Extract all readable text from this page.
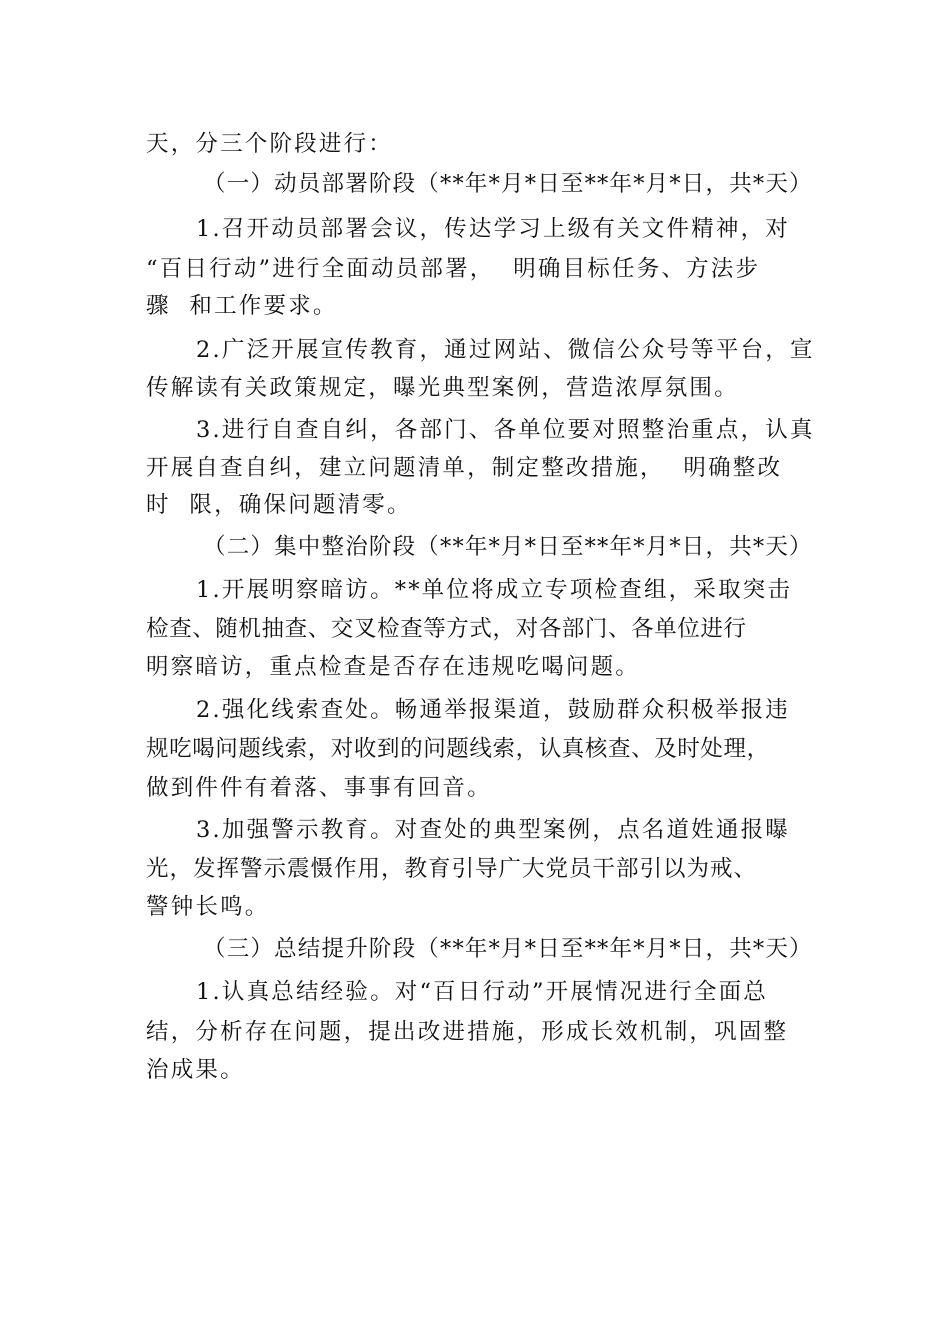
天，分三个阶段进行：
（一）动员部署阶段（**年*月*日至**年*月*日，共*天）
1.召开动员部署会议，传达学习上级有关文件精神，对
“百日行动”进行全面动员部署，  明确目标任务、方法步
骤  和工作要求。
2.广泛开展宣传教育，通过网站、微信公众号等平台，宣
传解读有关政策规定，曝光典型案例，营造浓厚氛围。
3.进行自查自纠，各部门、各单位要对照整治重点，认真
开展自查自纠，建立问题清单，制定整改措施，  明确整改
时  限，确保问题清零。
（二）集中整治阶段（**年*月*日至**年*月*日，共*天）
1.开展明察暗访。**单位将成立专项检查组，采取突击
检查、随机抽查、交叉检查等方式，对各部门、各单位进行
明察暗访，重点检查是否存在违规吃喝问题。
2.强化线索查处。畅通举报渠道，鼓励群众积极举报违
规吃喝问题线索，对收到的问题线索，认真核查、及时处理，
做到件件有着落、事事有回音。
3.加强警示教育。对查处的典型案例，点名道姓通报曝
光，发挥警示震慑作用，教育引导广大党员干部引以为戒、
警钟长鸣。
（三）总结提升阶段（**年*月*日至**年*月*日，共*天）
1.认真总结经验。对“百日行动”开展情况进行全面总
结，分析存在问题，提出改进措施，形成长效机制，巩固整
治成果。
